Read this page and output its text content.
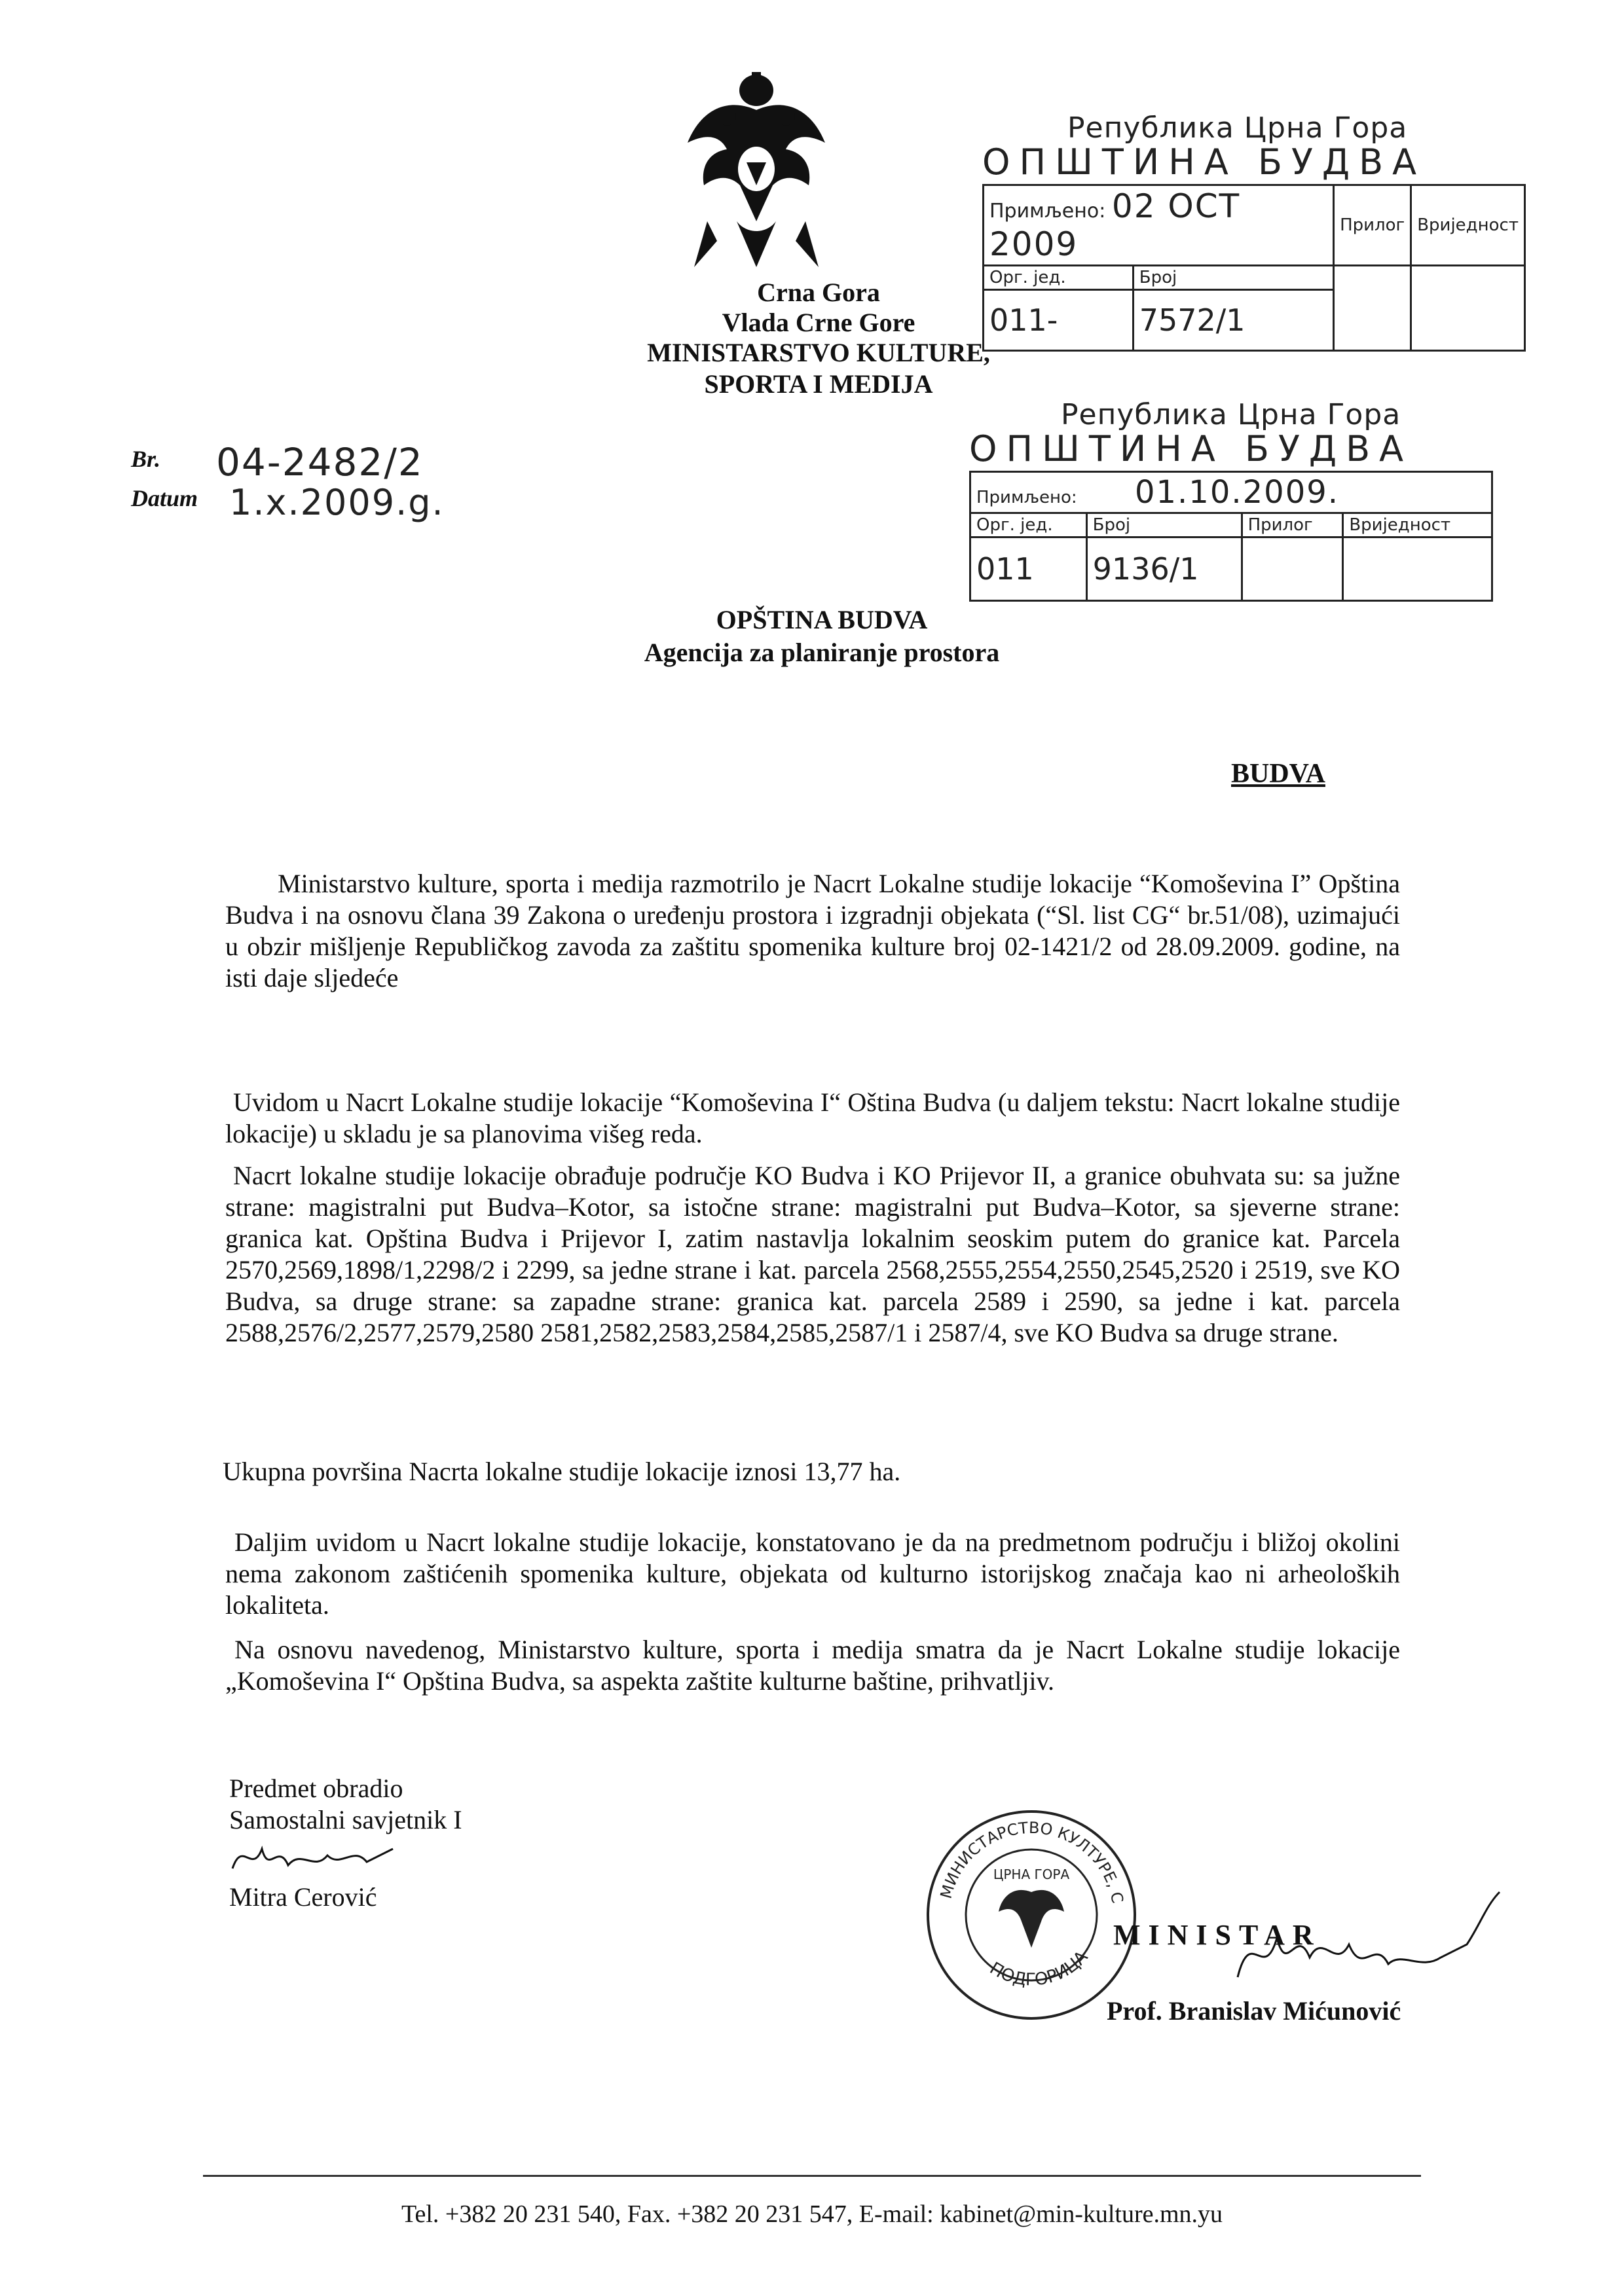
Crna Gora
Vlada Crne Gore
MINISTARSTVO KULTURE,
SPORTA I MEDIJA
Br. 04-2482/2
Datum 1.x.2009.g.
Република Црна Гора
ОПШТИНА БУДВА
Примљено: 02 OCT 2009		Прилог	Вриједност
Орг. јед.	Број		
011-	7572/1		
Република Црна Гора
ОПШТИНА БУДВА
Примљено: 01.10.2009.			
Орг. јед.	Број	Прилог	Вриједност
011	9136/1		
OPŠTINA BUDVA
Agencija za planiranje prostora
BUDVA
Ministarstvo kulture, sporta i medija razmotrilo je Nacrt Lokalne studije lokacije “Komoševina I” Opština Budva i na osnovu člana 39 Zakona o uređenju prostora i izgradnji objekata (“Sl. list CG“ br.51/08), uzimajući u obzir mišljenje Republičkog zavoda za zaštitu spomenika kulture broj 02-1421/2 od 28.09.2009. godine, na isti daje sljedeće
Uvidom u Nacrt Lokalne studije lokacije “Komoševina I“ Oština Budva (u daljem tekstu: Nacrt lokalne studije lokacije) u skladu je sa planovima višeg reda.
Nacrt lokalne studije lokacije obrađuje područje KO Budva i KO Prijevor II, a granice obuhvata su: sa južne strane: magistralni put Budva–Kotor, sa istočne strane: magistralni put Budva–Kotor, sa sjeverne strane: granica kat. Opština Budva i Prijevor I, zatim nastavlja lokalnim seoskim putem do granice kat. Parcela 2570,2569,1898/1,2298/2 i 2299, sa jedne strane i kat. parcela 2568,2555,2554,2550,2545,2520 i 2519, sve KO Budva, sa druge strane: sa zapadne strane: granica kat. parcela 2589 i 2590, sa jedne i kat. parcela 2588,2576/2,2577,2579,2580 2581,2582,2583,2584,2585,2587/1 i 2587/4, sve KO Budva sa druge strane.
Ukupna površina Nacrta lokalne studije lokacije iznosi 13,77 ha.
Daljim uvidom u Nacrt lokalne studije lokacije, konstatovano je da na predmetnom području i bližoj okolini nema zakonom zaštićenih spomenika kulture, objekata od kulturno istorijskog značaja kao ni arheoloških lokaliteta.
Na osnovu navedenog, Ministarstvo kulture, sporta i medija smatra da je Nacrt Lokalne studije lokacije „Komoševina I“ Opština Budva, sa aspekta zaštite kulturne baštine, prihvatljiv.
Predmet obradio
Samostalni savjetnik I
Mitra Cerović	МИНИСТАРСТВО КУЛТУРЕ, С
ПОДГОРИЦА
ЦРНА ГОРА
MINISTAR
Prof. Branislav Mićunović
Tel. +382 20 231 540, Fax. +382 20 231 547, E-mail: kabinet@min-kulture.mn.yu
